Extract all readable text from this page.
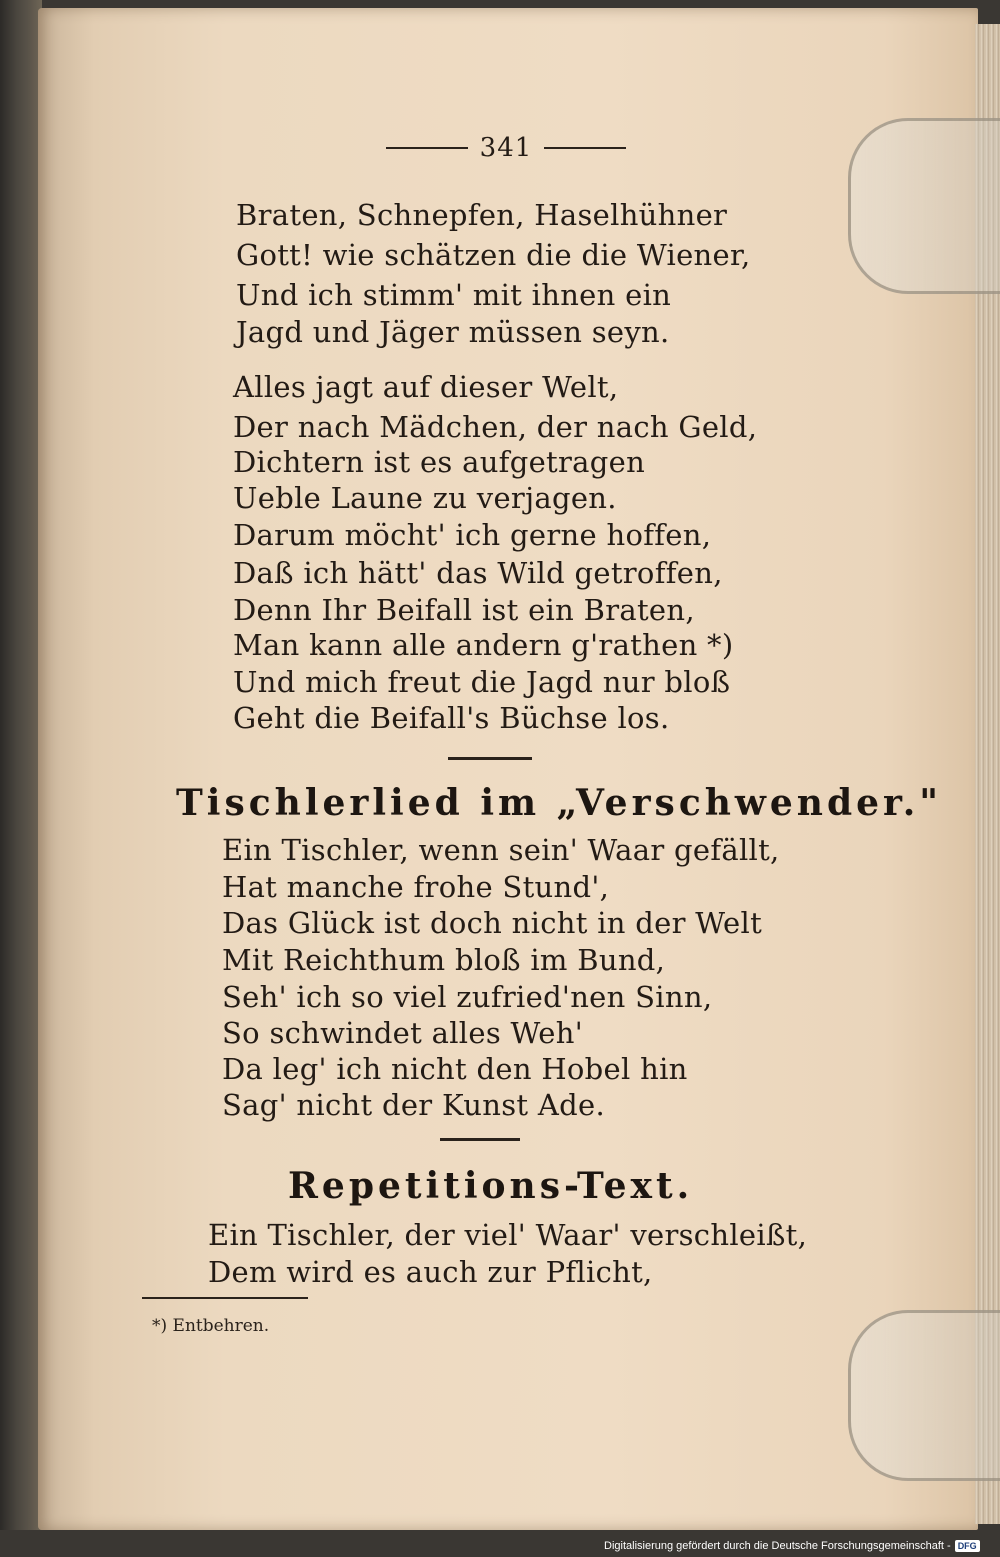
341
Braten, Schnepfen, Haselhühner
Gott! wie schätzen die die Wiener,
Und ich stimm' mit ihnen ein
Jagd und Jäger müssen seyn.
Alles jagt auf dieser Welt,
Der nach Mädchen, der nach Geld,
Dichtern ist es aufgetragen
Ueble Laune zu verjagen.
Darum möcht' ich gerne hoffen,
Daß ich hätt' das Wild getroffen,
Denn Ihr Beifall ist ein Braten,
Man kann alle andern g'rathen *)
Und mich freut die Jagd nur bloß
Geht die Beifall's Büchse los.
Tischlerlied im „Verschwender."
Ein Tischler, wenn sein' Waar gefällt,
Hat manche frohe Stund',
Das Glück ist doch nicht in der Welt
Mit Reichthum bloß im Bund,
Seh' ich so viel zufried'nen Sinn,
So schwindet alles Weh'
Da leg' ich nicht den Hobel hin
Sag' nicht der Kunst Ade.
Repetitions-Text.
Ein Tischler, der viel' Waar' verschleißt,
Dem wird es auch zur Pflicht,
*) Entbehren.
Digitalisierung gefördert durch die Deutsche Forschungsgemeinschaft - DFG
